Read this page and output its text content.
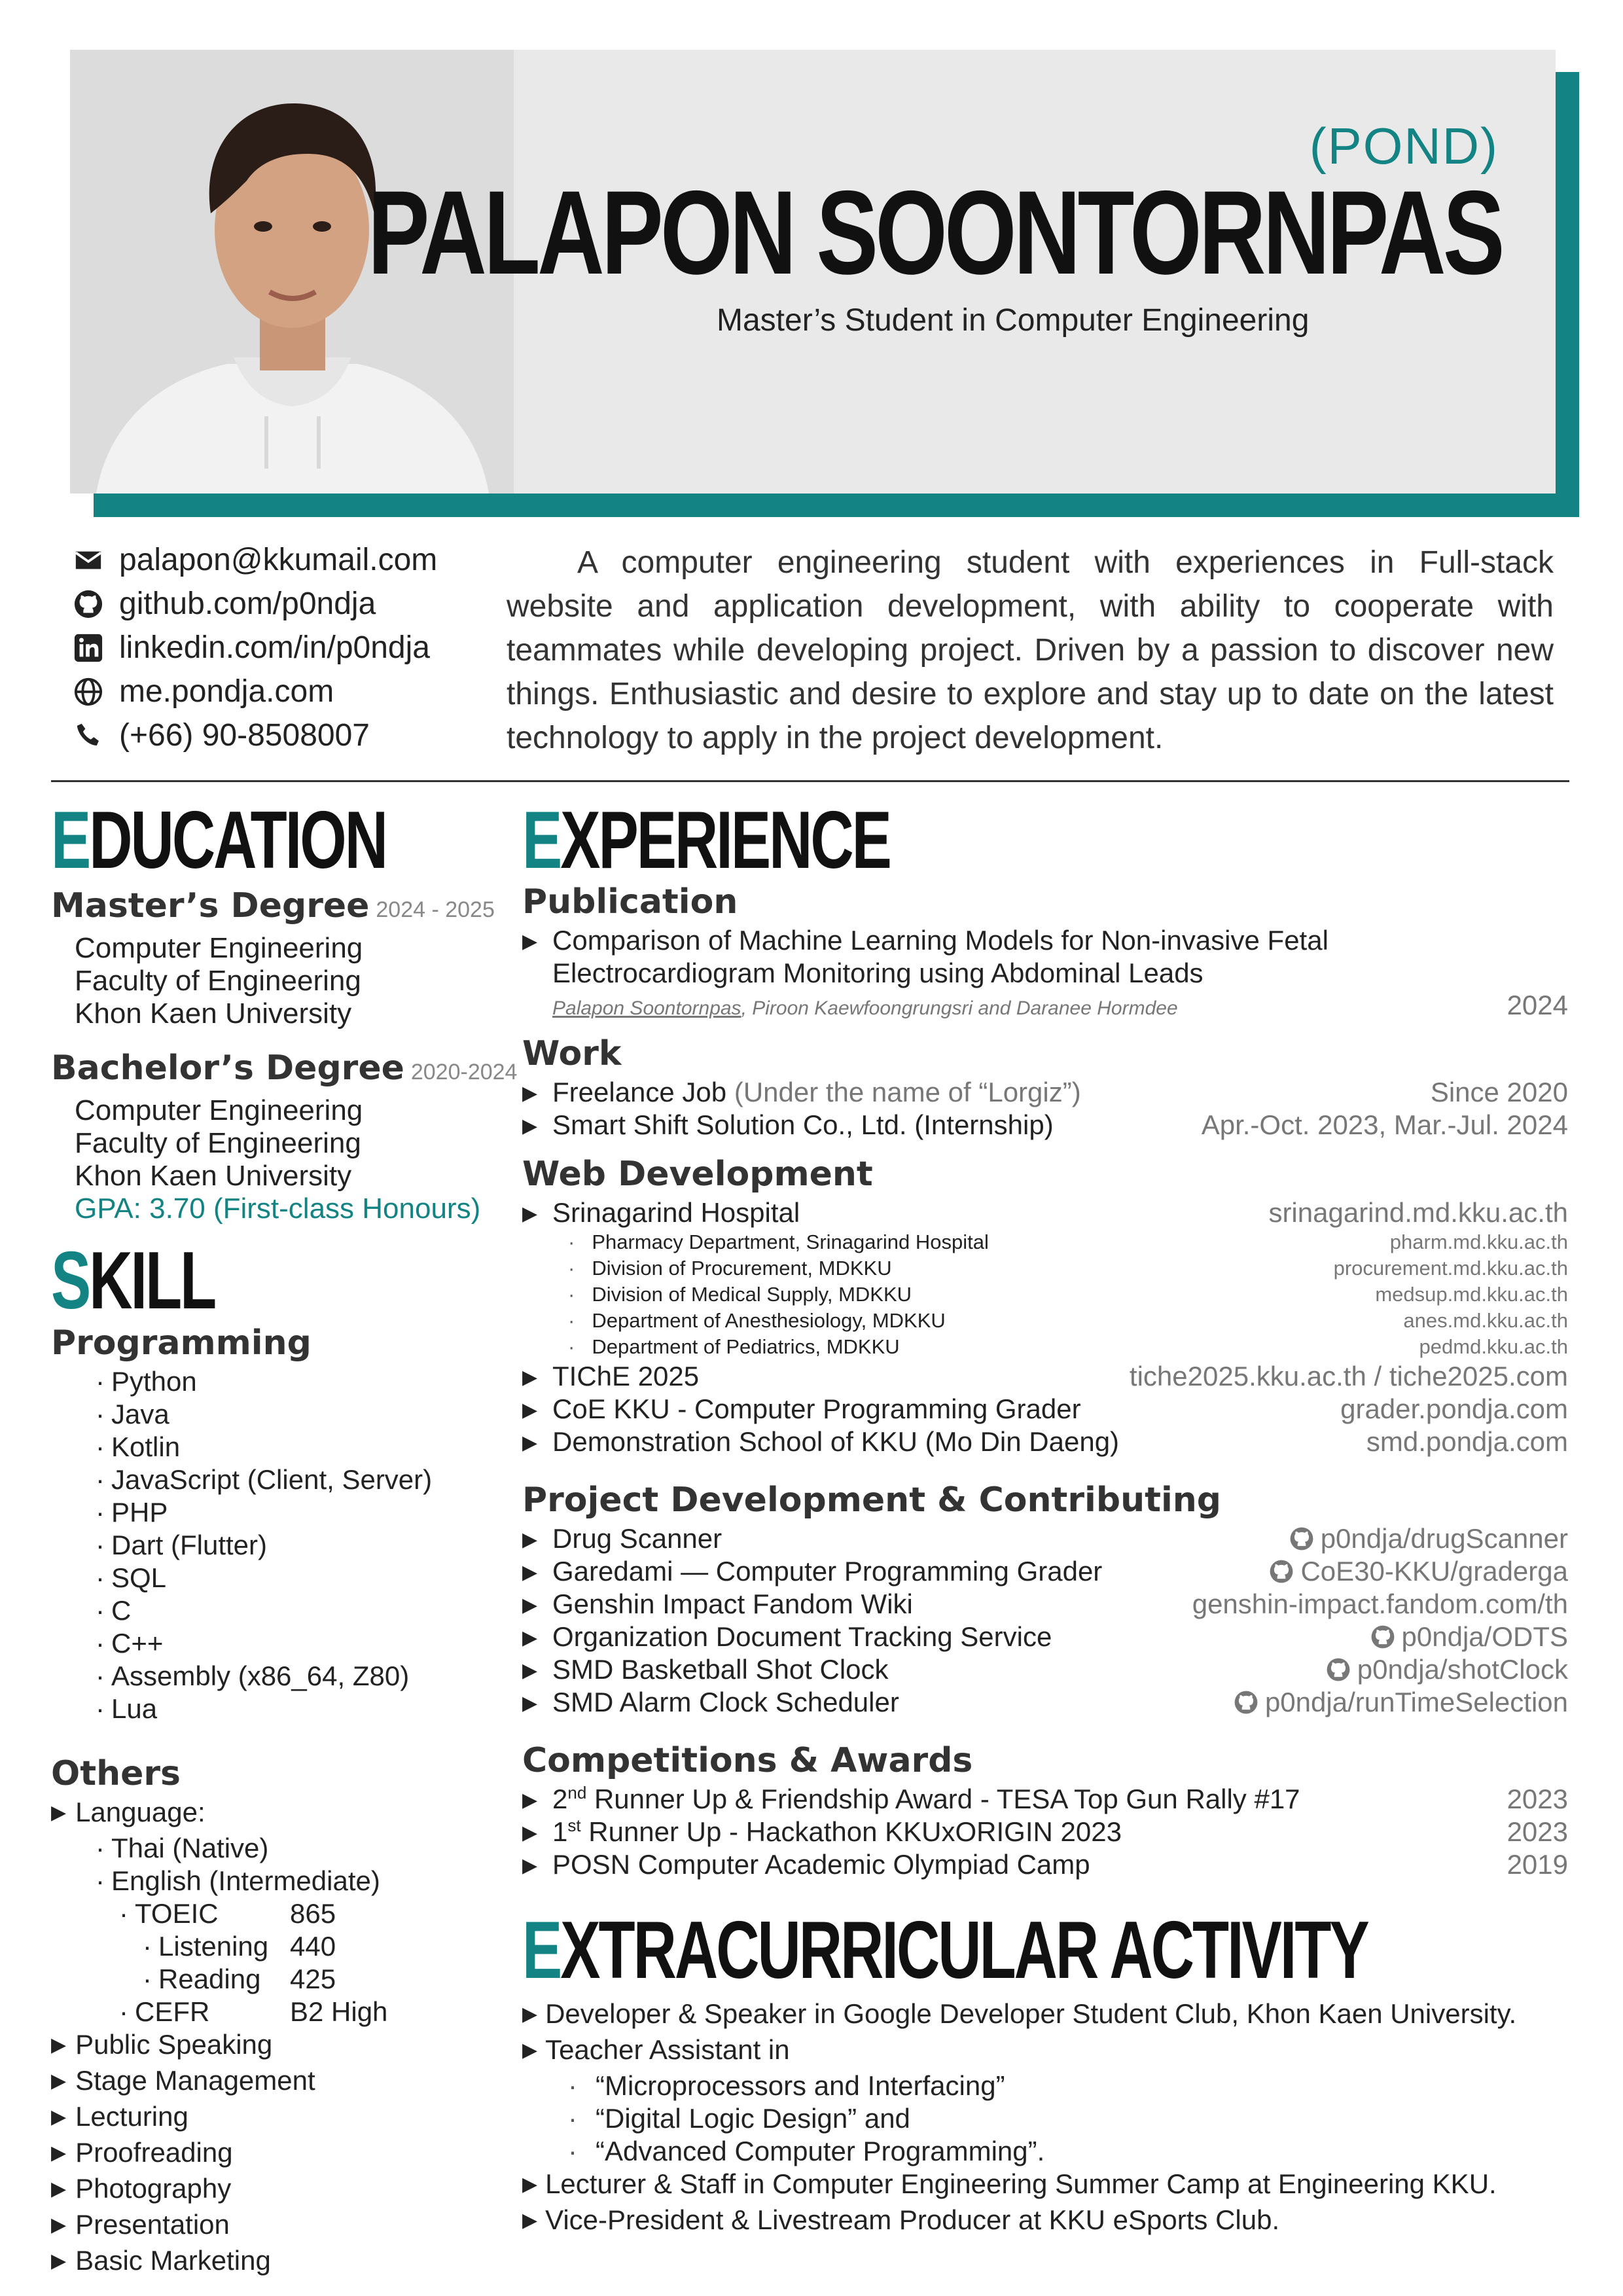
(POND)
PALAPON SOONTORNPAS
Master’s Student in Computer Engineering
palapon@kkumail.com
github.com/p0ndja
linkedin.com/in/p0ndja
me.pondja.com
(+66) 90-8508007
A computer engineering student with experiences in Full-stack website and application development, with ability to cooperate with teammates while developing project. Driven by a passion to discover new things. Enthusiastic and desire to explore and stay up to date on the latest technology to apply in the project development.
EDUCATION
Master’s Degree 2024 - 2025
Computer Engineering
Faculty of Engineering
Khon Kaen University
Bachelor’s Degree 2020-2024
Computer Engineering
Faculty of Engineering
Khon Kaen University
GPA: 3.70 (First-class Honours)
SKILL
Programming
· Python
· Java
· Kotlin
· JavaScript (Client, Server)
· PHP
· Dart (Flutter)
· SQL
· C
· C++
· Assembly (x86_64, Z80)
· Lua
Others
▶ Language:
· Thai (Native)
· English (Intermediate)
· TOEIC	865
· Listening 440
· Reading 425
· CEFR	B2 High
▶ Public Speaking
▶ Stage Management
▶ Lecturing
▶ Proofreading
▶ Photography
▶ Presentation
▶ Basic Marketing
EXPERIENCE
Publication
▶ Comparison of Machine Learning Models for Non-invasive Fetal
Electrocardiogram Monitoring using Abdominal Leads
Palapon Soontornpas, Piroon Kaewfoongrungsri and Daranee Hormdee	2024
Work
▶ Freelance Job (Under the name of “Lorgiz”)	Since 2020
▶ Smart Shift Solution Co., Ltd. (Internship)	Apr.-Oct. 2023, Mar.-Jul. 2024
Web Development
▶ Srinagarind Hospital	srinagarind.md.kku.ac.th
· Pharmacy Department, Srinagarind Hospital	pharm.md.kku.ac.th
· Division of Procurement, MDKKU	procurement.md.kku.ac.th
· Division of Medical Supply, MDKKU	medsup.md.kku.ac.th
· Department of Anesthesiology, MDKKU	anes.md.kku.ac.th
· Department of Pediatrics, MDKKU	pedmd.kku.ac.th
▶ TIChE 2025	tiche2025.kku.ac.th / tiche2025.com
▶ CoE KKU - Computer Programming Grader	grader.pondja.com
▶ Demonstration School of KKU (Mo Din Daeng)	smd.pondja.com
Project Development & Contributing
▶ Drug Scanner	p0ndja/drugScanner
▶ Garedami — Computer Programming Grader	CoE30-KKU/graderga
▶ Genshin Impact Fandom Wiki	genshin-impact.fandom.com/th
▶ Organization Document Tracking Service	p0ndja/ODTS
▶ SMD Basketball Shot Clock	p0ndja/shotClock
▶ SMD Alarm Clock Scheduler	p0ndja/runTimeSelection
Competitions & Awards
▶ 2nd Runner Up & Friendship Award - TESA Top Gun Rally #17	2023
▶ 1st Runner Up - Hackathon KKUxORIGIN 2023	2023
▶ POSN Computer Academic Olympiad Camp	2019
EXTRACURRICULAR ACTIVITY
▶ Developer & Speaker in Google Developer Student Club, Khon Kaen University.
▶ Teacher Assistant in
· “Microprocessors and Interfacing”
· “Digital Logic Design” and
· “Advanced Computer Programming”.
▶ Lecturer & Staff in Computer Engineering Summer Camp at Engineering KKU.
▶ Vice-President & Livestream Producer at KKU eSports Club.
